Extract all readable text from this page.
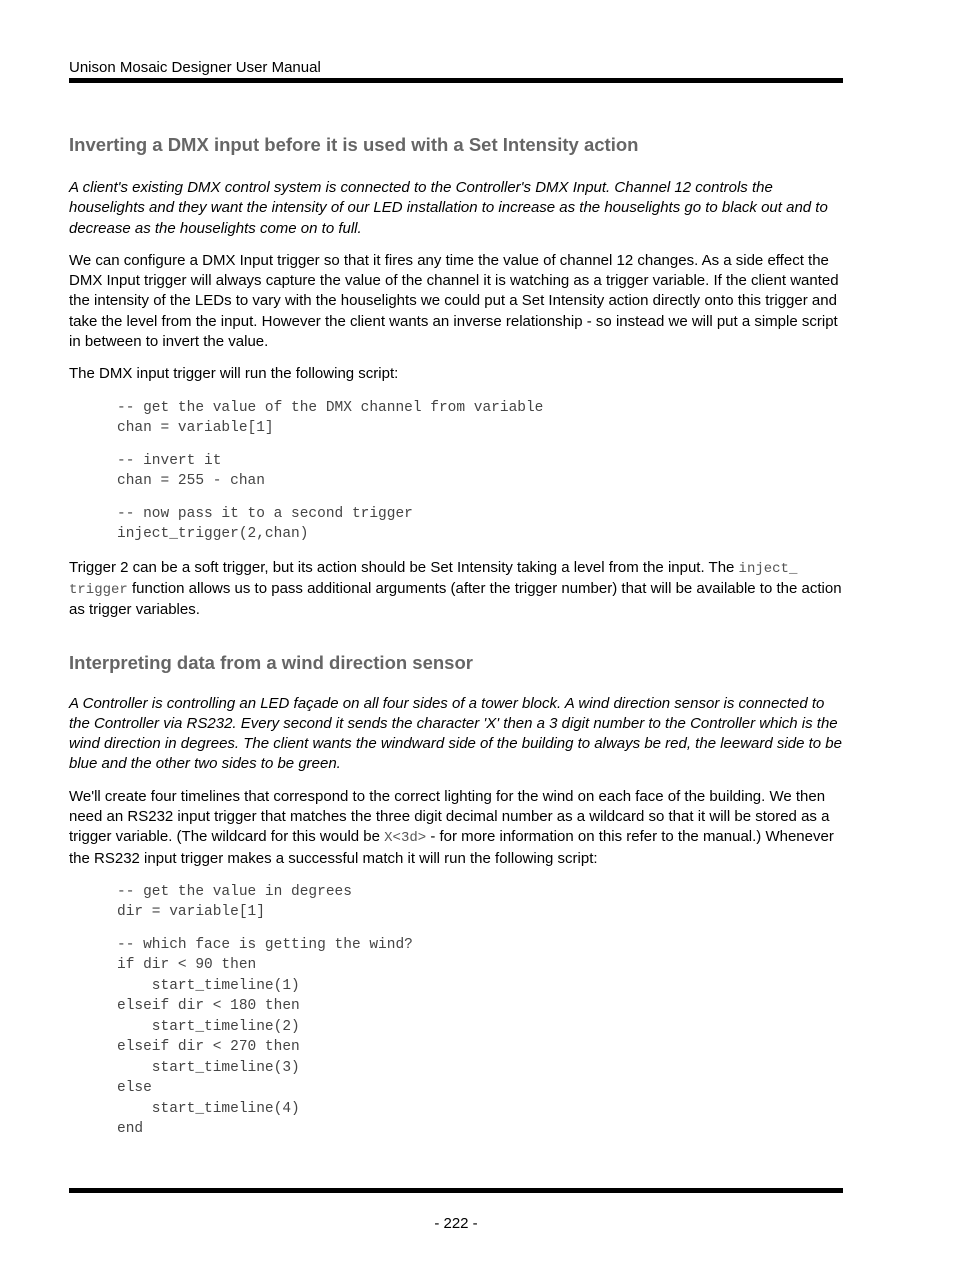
Unison Mosaic Designer User Manual
Inverting a DMX input before it is used with a Set Intensity action

A client's existing DMX control system is connected to the Controller's DMX Input. Channel 12 controls the houselights and they want the intensity of our LED installation to increase as the houselights go to black out and to decrease as the houselights come on to full.

We can configure a DMX Input trigger so that it fires any time the value of channel 12 changes. As a side effect the DMX Input trigger will always capture the value of the channel it is watching as a trigger variable. If the client wanted the intensity of the LEDs to vary with the houselights we could put a Set Intensity action directly onto this trigger and take the level from the input. However the client wants an inverse relationship - so instead we will put a simple script in between to invert the value.

The DMX input trigger will run the following script:

-- get the value of the DMX channel from variable
chan = variable[1]
-- invert it
chan = 255 - chan
-- now pass it to a second trigger
inject_trigger(2,chan)

Trigger 2 can be a soft trigger, but its action should be Set Intensity taking a level from the input. The inject_
trigger function allows us to pass additional arguments (after the trigger number) that will be available to the action as trigger variables.

Interpreting data from a wind direction sensor

A Controller is controlling an LED façade on all four sides of a tower block. A wind direction sensor is connected to the Controller via RS232. Every second it sends the character 'X' then a 3 digit number to the Controller which is the wind direction in degrees. The client wants the windward side of the building to always be red, the leeward side to be blue and the other two sides to be green.

We'll create four timelines that correspond to the correct lighting for the wind on each face of the building. We then need an RS232 input trigger that matches the three digit decimal number as a wildcard so that it will be stored as a trigger variable. (The wildcard for this would be X<3d> - for more information on this refer to the manual.) Whenever the RS232 input trigger makes a successful match it will run the following script:

-- get the value in degrees
dir = variable[1]
-- which face is getting the wind?
if dir < 90 then
start_timeline(1)
elseif dir < 180 then
start_timeline(2)
elseif dir < 270 then
start_timeline(3)
else
start_timeline(4)
end
- 222 -
